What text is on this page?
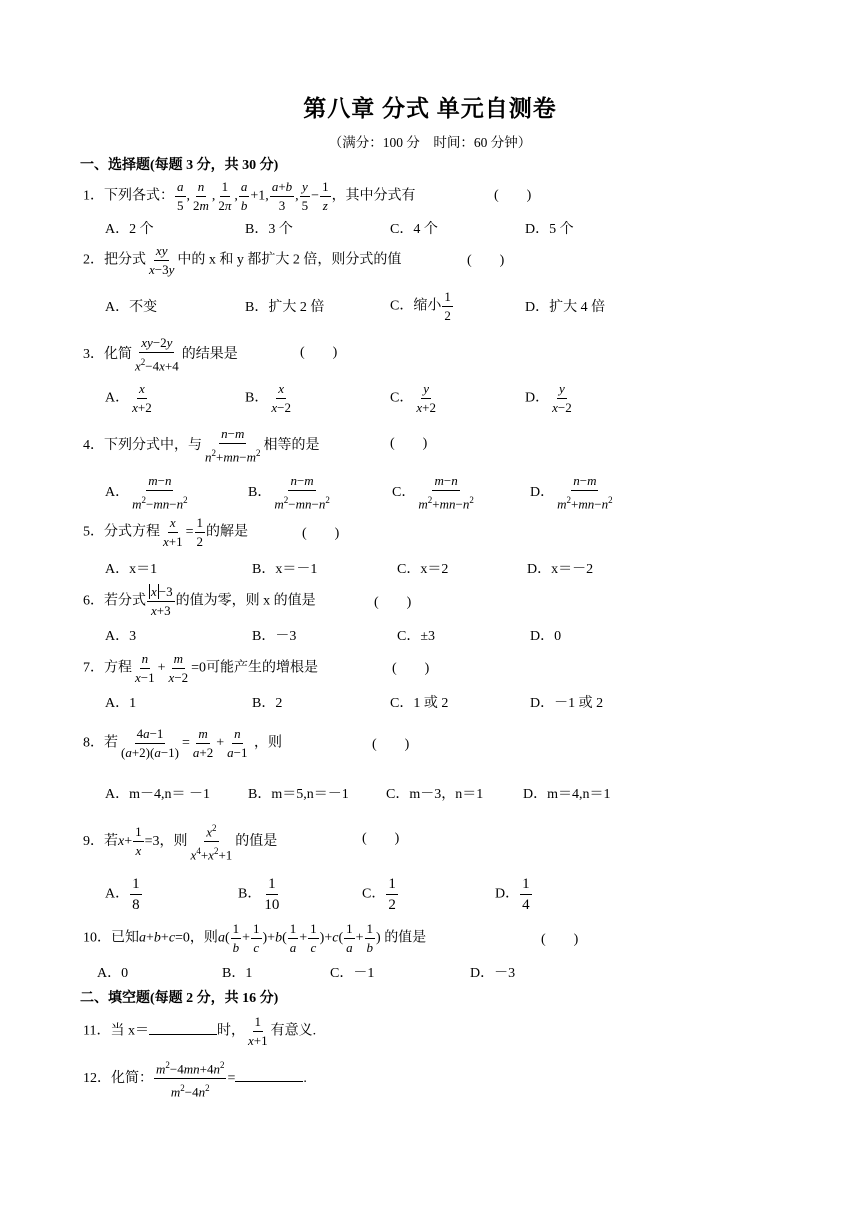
第八章 分式 单元自测卷
（满分：100 分　时间：60 分钟）
一、选择题(每题 3 分，共 30 分)
1．下列各式： $\frac{a}{5}$ , $\frac{n}{2m}$ , $\frac{1}{2\pi}$ , $\frac{a}{b} +1$, $\frac{a+b}{3}$ , $\frac{y}{5} - \frac{1}{z}$ ，其中分式有	(　　)
A．2 个	B．3 个	C．4 个	D．5 个
2．把分式 $\frac{xy}{x-3y}$ 中的 x 和 y 都扩大 2 倍，则分式的值	(　　)
A．不变	B．扩大 2 倍	C．缩小 $\frac{1}{2}$	D．扩大 4 倍
3．化简 $\frac{xy-2y}{x^2-4x+4}$ 的结果是	(　　)
A． $\frac{x}{x+2}$	B． $\frac{x}{x-2}$	C． $\frac{y}{x+2}$	D． $\frac{y}{x-2}$
4．下列分式中，与 $\frac{n-m}{n^2+mn-m^2}$ 相等的是	(　　)
A． $\frac{m-n}{m^2-mn-n^2}$	B． $\frac{n-m}{m^2-mn-n^2}$	C． $\frac{m-n}{m^2+mn-n^2}$	D． $\frac{n-m}{m^2+mn-n^2}$
5．分式方程 $\frac{x}{x+1} = \frac{1}{2}$ 的解是	(　　)
A．x＝1	B．x＝－1	C．x＝2	D．x＝－2
6．若分式 $\frac{x -3}{x+3}$ 的值为零，则 x 的值是	(　　)
A．3	B．－3	C．±3	D．0
7．方程 $\frac{n}{x-1} + \frac{m}{x-2} =0$可能产生的增根是	(　　)
A．1	B．2	C．1 或 2	D．－1 或 2
8．若 $\frac{4a-1}{(a+2)(a-1)} = \frac{m}{a+2} + \frac{n}{a-1}$ ，则	(　　)
A．m－4,n＝ －1	B．m＝5,n＝－1	C．m－3，n＝1	D．m＝4,n＝1
9．若$x+ \frac{1}{x} =3$，则 $\frac{x^2}{x^4+x^2+1}$ 的值是	(　　)
A． $\frac{1}{8}$	B． $\frac{1}{10}$	C． $\frac{1}{2}$	D． $\frac{1}{4}$
10．已知a+b+c=0，则$a( \frac{1}{b} + \frac{1}{c} )+b( \frac{1}{a} + \frac{1}{c} )+c( \frac{1}{a} + \frac{1}{b}$ ) 的值是	(　　)
A．0	B．1	C．－1	D．－3
二、填空题(每题 2 分，共 16 分)
11．当 x＝	时， $\frac{1}{x+1}$ 有意义.
12．化简： $\frac{m^2-4mn+4n^2}{m^2-4n^2}$ =	.
